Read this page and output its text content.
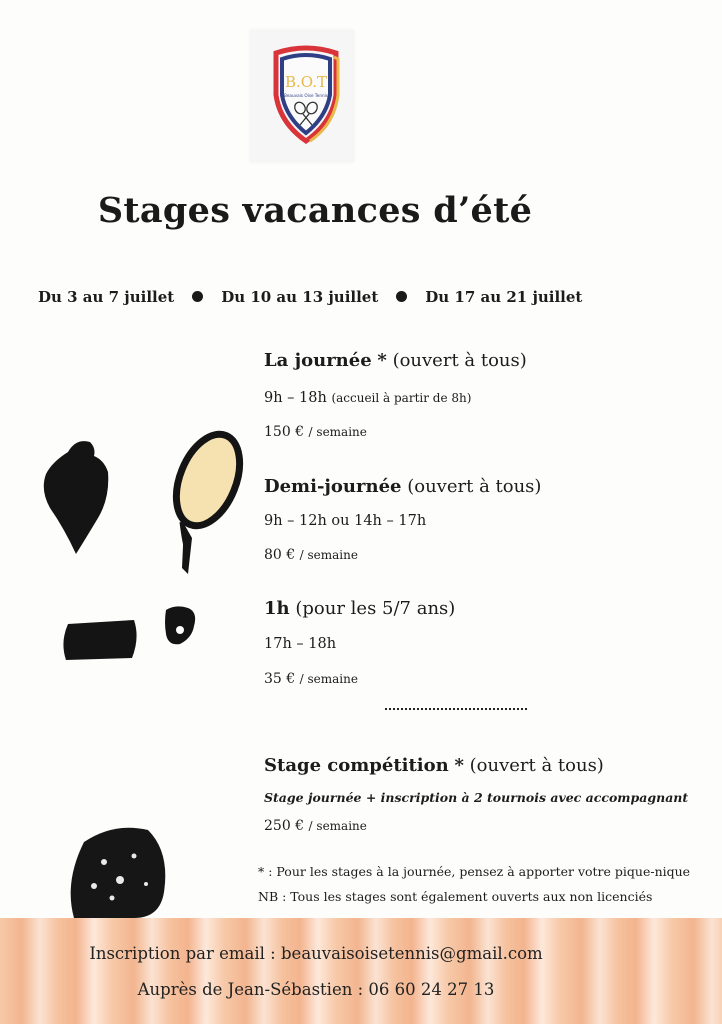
B.O.T
Beauvais Oise Tennis
Stages vacances d’été
Du 3 au 7 juillet	Du 10 au 13 juillet	Du 17 au 21 juillet
La journée * (ouvert à tous)
9h – 18h (accueil à partir de 8h)
150 € / semaine
Demi-journée (ouvert à tous)
9h – 12h ou 14h – 17h
80 € / semaine
1h (pour les 5/7 ans)
17h – 18h
35 € / semaine
Stage compétition * (ouvert à tous)
Stage journée + inscription à 2 tournois avec accompagnant
250 € / semaine
* : Pour les stages à la journée, pensez à apporter votre pique-nique
NB : Tous les stages sont également ouverts aux non licenciés
Inscription par email : beauvaisoisetennis@gmail.com
Auprès de Jean-Sébastien : 06 60 24 27 13
